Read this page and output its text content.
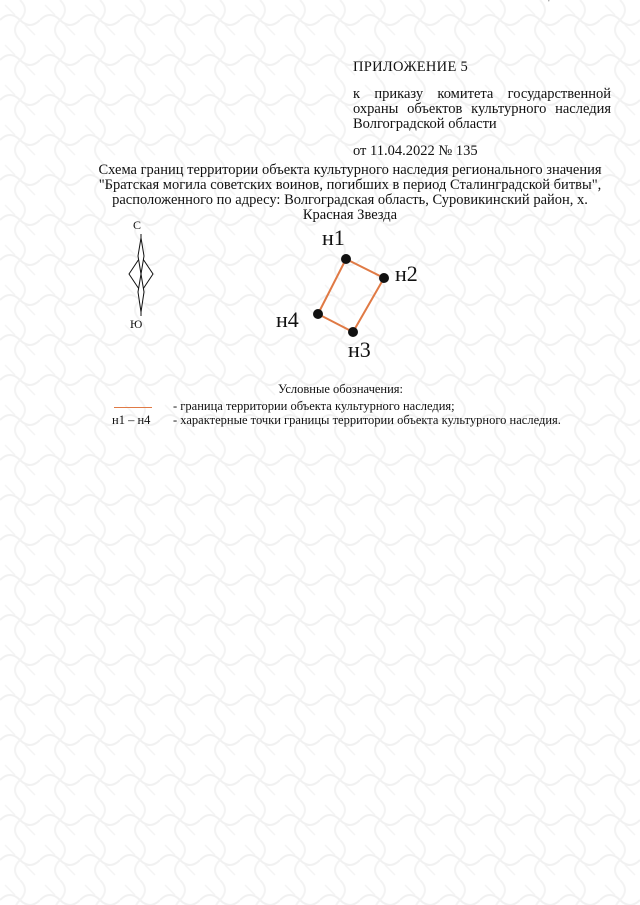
'

ПРИЛОЖЕНИЕ 5

к приказу комитета государственной охраны объектов культурного наследия Волгоградской области

от 11.04.2022 № 135

Схема границ территории объекта культурного наследия регионального значения "Братская могила советских воинов, погибших в период Сталинградской битвы", расположенного по адресу: Волгоградская область, Суровикинский район, х. Красная Звезда
С
Ю
н1
н2
н3
н4
Условные обозначения:
- граница территории объекта культурного наследия;
н1 – н4 - характерные точки границы территории объекта культурного наследия.
